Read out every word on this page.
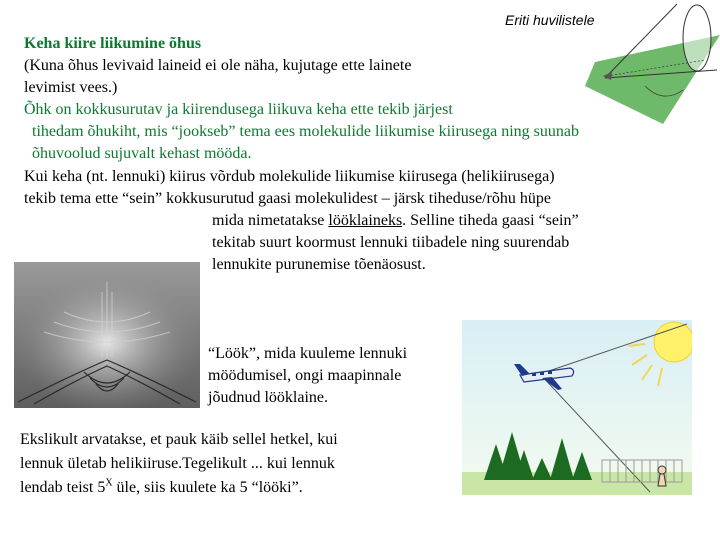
Eriti huvilistele
Keha kiire liikumine õhus
(Kuna õhus levivaid laineid ei ole näha, kujutage ette lainete
levimist vees.)
Õhk on kokkusurutav ja kiirendusega liikuva keha ette tekib järjest
tihedam õhukiht, mis “jookseb” tema ees molekulide liikumise kiirusega ning suunab
õhuvoolud sujuvalt kehast mööda.
Kui keha (nt. lennuki) kiirus võrdub molekulide liikumise kiirusega (helikiirusega)
tekib tema ette “sein” kokkusurutud gaasi molekulidest – järsk tiheduse/rõhu hüpe
mida nimetatakse lööklaineks. Selline tiheda gaasi “sein”
tekitab suurt koormust lennuki tiibadele ning suurendab
lennukite purunemise tõenäosust.
“Löök”, mida kuuleme lennuki
möödumisel, ongi maapinnale
jõudnud lööklaine.
Ekslikult arvatakse, et pauk käib sellel hetkel, kui
lennuk ületab helikiiruse.Tegelikult ... kui lennuk
lendab teist $5^X$ üle, siis kuulete ka 5 “lööki”.
